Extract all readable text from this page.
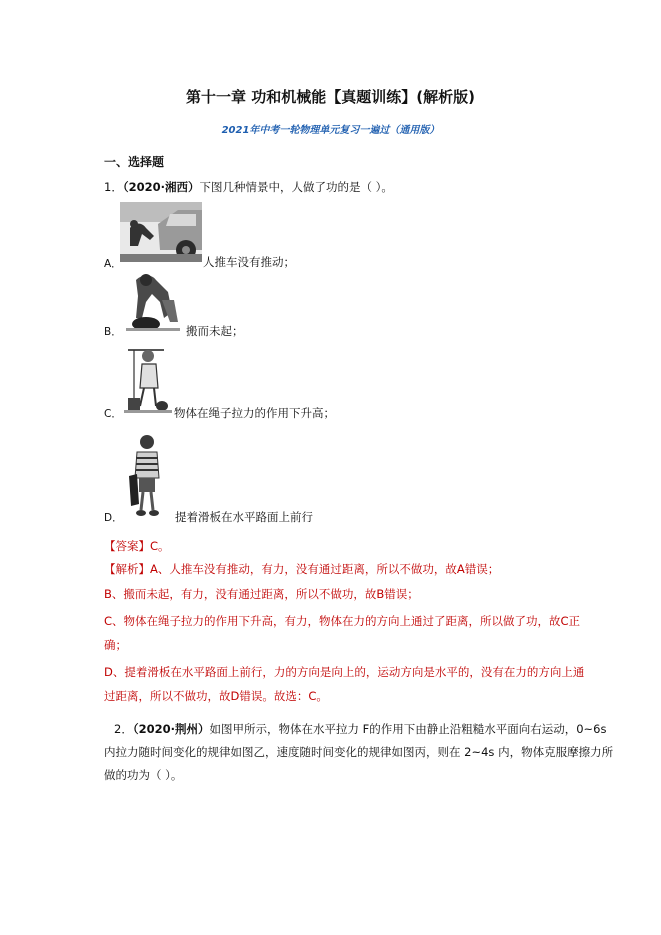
第十一章 功和机械能【真题训练】(解析版)
2021年中考一轮物理单元复习一遍过（通用版）
一、选择题
1．（2020·湘西）下图几种情景中，人做了功的是（ ）。
A．	人推车没有推动；
B．	搬而未起；
C．	物体在绳子拉力的作用下升高；
D．	提着滑板在水平路面上前行
【答案】C。
【解析】A、人推车没有推动，有力，没有通过距离，所以不做功，故A错误；
B、搬而未起，有力，没有通过距离，所以不做功，故B错误；
C、物体在绳子拉力的作用下升高，有力，物体在力的方向上通过了距离，所以做了功，故C正
确；
D、提着滑板在水平路面上前行，力的方向是向上的，运动方向是水平的，没有在力的方向上通
过距离，所以不做功，故D错误。故选：C。
2．（2020·荆州）如图甲所示，物体在水平拉力 F的作用下由静止沿粗糙水平面向右运动，0~6s
内拉力随时间变化的规律如图乙，速度随时间变化的规律如图丙，则在 2~4s 内，物体克服摩擦力所
做的功为（ ）。
